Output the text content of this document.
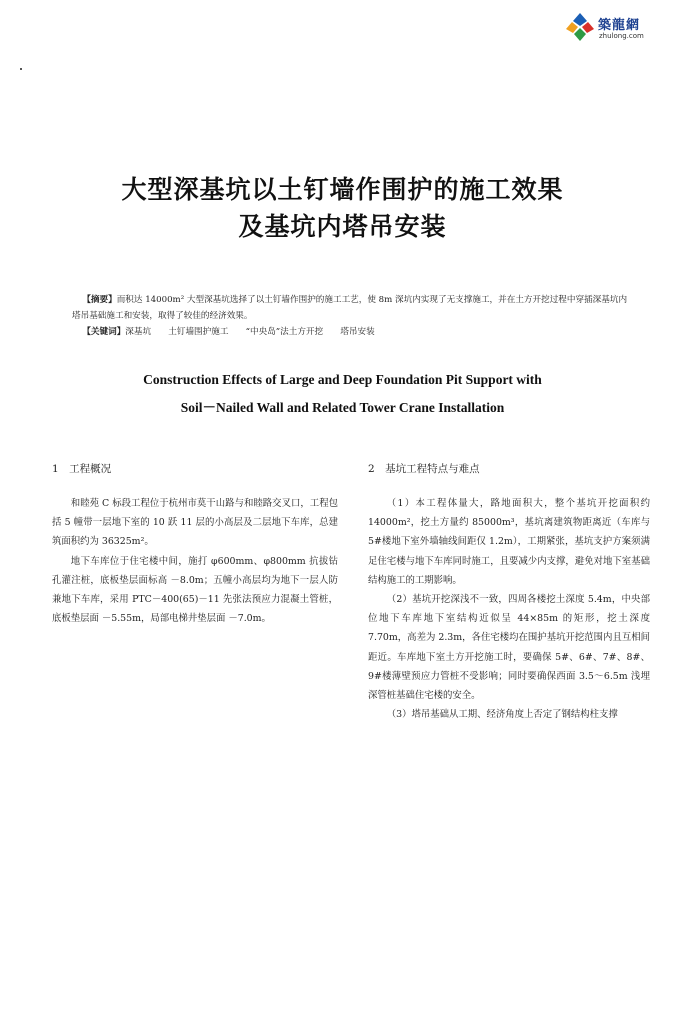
築龍網
zhulong.com
大型深基坑以土钉墙作围护的施工效果
及基坑内塔吊安装

【摘要】而积达 14000m² 大型深基坑选择了以土钉墙作围护的施工工艺，使 8m 深坑内实现了无支撑施工，并在土方开挖过程中穿插深基坑内塔吊基础施工和安装，取得了较佳的经济效果。

【关键词】深基坑　　土钉墙围护施工　　“中央岛”法土方开挖　　塔吊安装

Construction Effects of Large and Deep Foundation Pit Support with
Soil－Nailed Wall and Related Tower Crane Installation
1　工程概况	2　基坑工程特点与难点

和睦苑 C 标段工程位于杭州市莫干山路与和睦路交叉口，工程包括 5 幢带一层地下室的 10 跃 11 层的小高层及二层地下车库，总建筑面积约为 36325m²。

地下车库位于住宅楼中间，施打 φ600mm、φ800mm 抗拔钻孔灌注桩，底板垫层面标高 －8.0m；五幢小高层均为地下一层人防兼地下车库，采用 PTC－400(65)－11 先张法预应力混凝土管桩，底板垫层面 －5.55m，局部电梯井垫层面 －7.0m。

（1）本工程体量大，路地面积大，整个基坑开挖面积约 14000m²，挖土方量约 85000m³，基坑离建筑物距离近（车库与 5#楼地下室外墙轴线间距仅 1.2m），工期紧张，基坑支护方案须满足住宅楼与地下车库同时施工，且要减少内支撑，避免对地下室基础结构施工的工期影响。

（2）基坑开挖深浅不一致，四周各楼挖土深度 5.4m，中央部位地下车库地下室结构近似呈 44×85m 的矩形，挖土深度 7.70m，高差为 2.3m，各住宅楼均在围护基坑开挖范围内且互相间距近。车库地下室土方开挖施工时，要确保 5#、6#、7#、8#、9#楼薄壁预应力管桩不受影响；同时要确保西面 3.5～6.5m 浅埋深管桩基础住宅楼的安全。

（3）塔吊基础从工期、经济角度上否定了钢结构柱支撑
